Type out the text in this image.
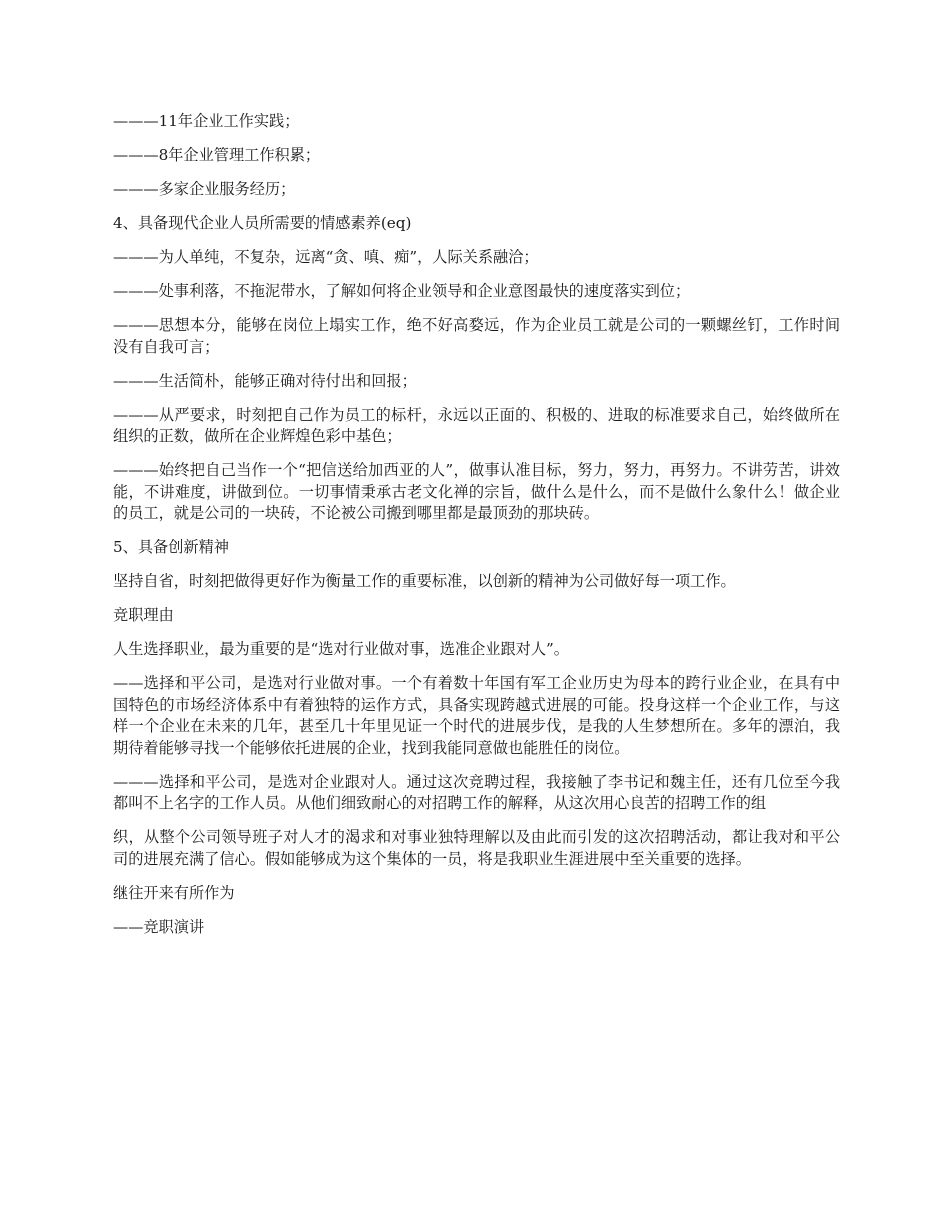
———11年企业工作实践；

———8年企业管理工作积累；

———多家企业服务经历；

4、具备现代企业人员所需要的情感素养(eq)

———为人单纯，不复杂，远离“贪、嗔、痴”，人际关系融洽；

———处事利落，不拖泥带水，了解如何将企业领导和企业意图最快的速度落实到位；

———思想本分，能够在岗位上塌实工作，绝不好高婺远，作为企业员工就是公司的一颗螺丝钉，工作时间没有自我可言；

———生活简朴，能够正确对待付出和回报；

———从严要求，时刻把自己作为员工的标杆，永远以正面的、积极的、进取的标准要求自己，始终做所在组织的正数，做所在企业辉煌色彩中基色；

———始终把自己当作一个“把信送给加西亚的人”，做事认准目标，努力，努力，再努力。不讲劳苦，讲效能，不讲难度，讲做到位。一切事情秉承古老文化禅的宗旨，做什么是什么，而不是做什么象什么！做企业的员工，就是公司的一块砖，不论被公司搬到哪里都是最顶劲的那块砖。

5、具备创新精神

坚持自省，时刻把做得更好作为衡量工作的重要标准，以创新的精神为公司做好每一项工作。

竞职理由

人生选择职业，最为重要的是“选对行业做对事，选准企业跟对人”。

——选择和平公司，是选对行业做对事。一个有着数十年国有军工企业历史为母本的跨行业企业，在具有中国特色的市场经济体系中有着独特的运作方式，具备实现跨越式进展的可能。投身这样一个企业工作，与这样一个企业在未来的几年，甚至几十年里见证一个时代的进展步伐，是我的人生梦想所在。多年的漂泊，我期待着能够寻找一个能够依托进展的企业，找到我能同意做也能胜任的岗位。

———选择和平公司，是选对企业跟对人。通过这次竞聘过程，我接触了李书记和魏主任，还有几位至今我都叫不上名字的工作人员。从他们细致耐心的对招聘工作的解释，从这次用心良苦的招聘工作的组

织，从整个公司领导班子对人才的渴求和对事业独特理解以及由此而引发的这次招聘活动，都让我对和平公司的进展充满了信心。假如能够成为这个集体的一员，将是我职业生涯进展中至关重要的选择。

继往开来有所作为

——竞职演讲
